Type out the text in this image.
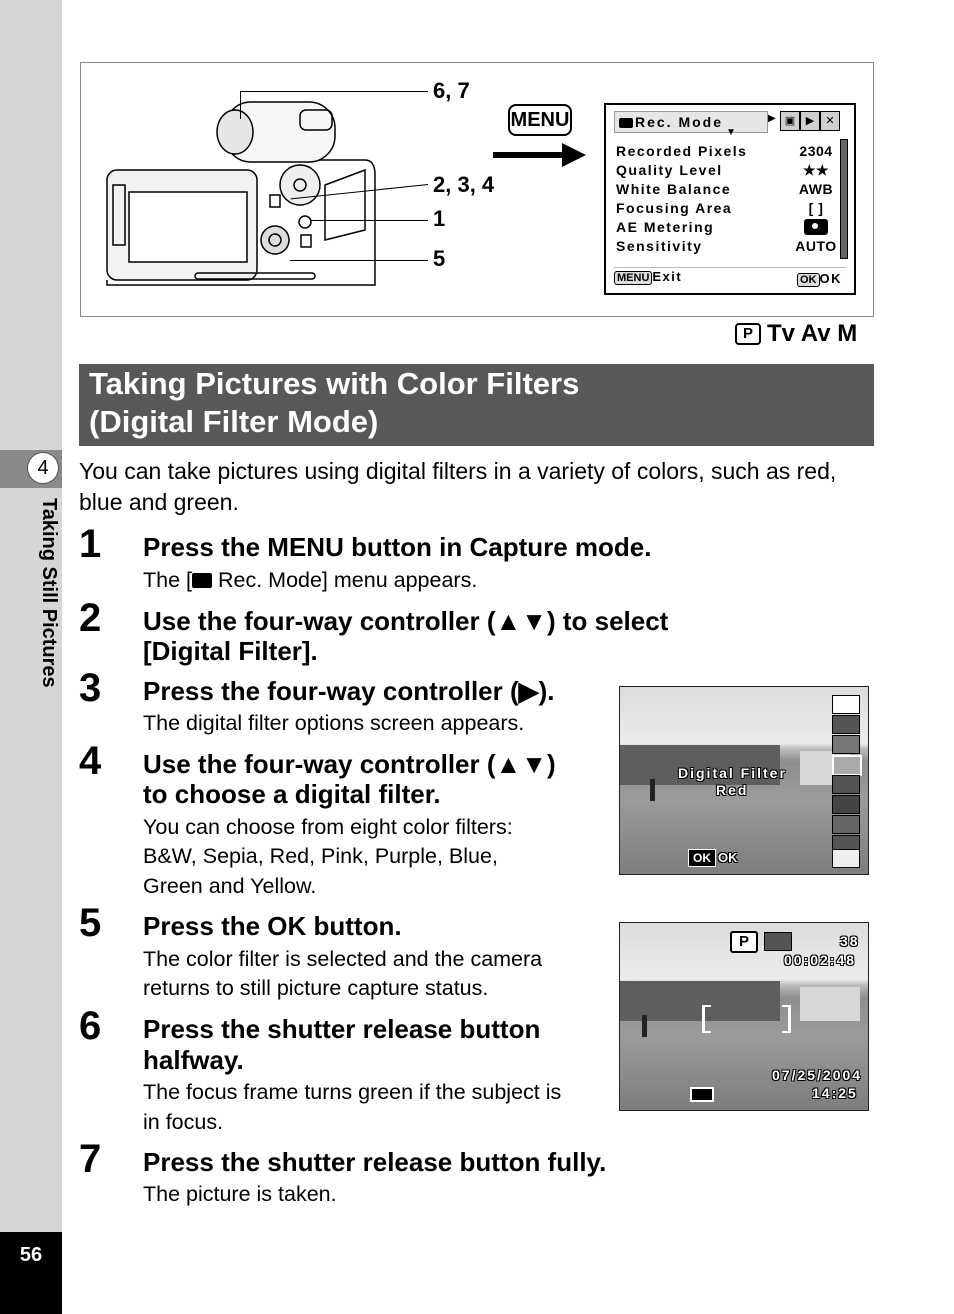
4
Taking Still Pictures
56
6, 7
2, 3, 4
1
5
MENU	Rec. Mode	▶ ▣ ▶	✕
▼
Recorded Pixels	2304
Quality Level	★★
White Balance	AWB
Focusing Area	[ ]
AE Metering
Sensitivity	AUTO
MENU Exit	OK OK
P Tv Av M
Taking Pictures with Color Filters
(Digital Filter Mode)
You can take pictures using digital filters in a variety of colors, such as red, blue and green.
1 Press the MENU button in Capture mode.
The [ Rec. Mode] menu appears.
2 Use the four-way controller (▲▼) to select
[Digital Filter].
3 Press the four-way controller (▶).
The digital filter options screen appears.
4 Use the four-way controller (▲▼)
to choose a digital filter.
You can choose from eight color filters:
B&W, Sepia, Red, Pink, Purple, Blue,
Green and Yellow.
5 Press the OK button.
The color filter is selected and the camera
returns to still picture capture status.
6 Press the shutter release button
halfway.
The focus frame turns green if the subject is
in focus.
7 Press the shutter release button fully.
The picture is taken.
Digital Filter
Red
OK OK
P	38
00:02:48
07/25/2004
14:25
